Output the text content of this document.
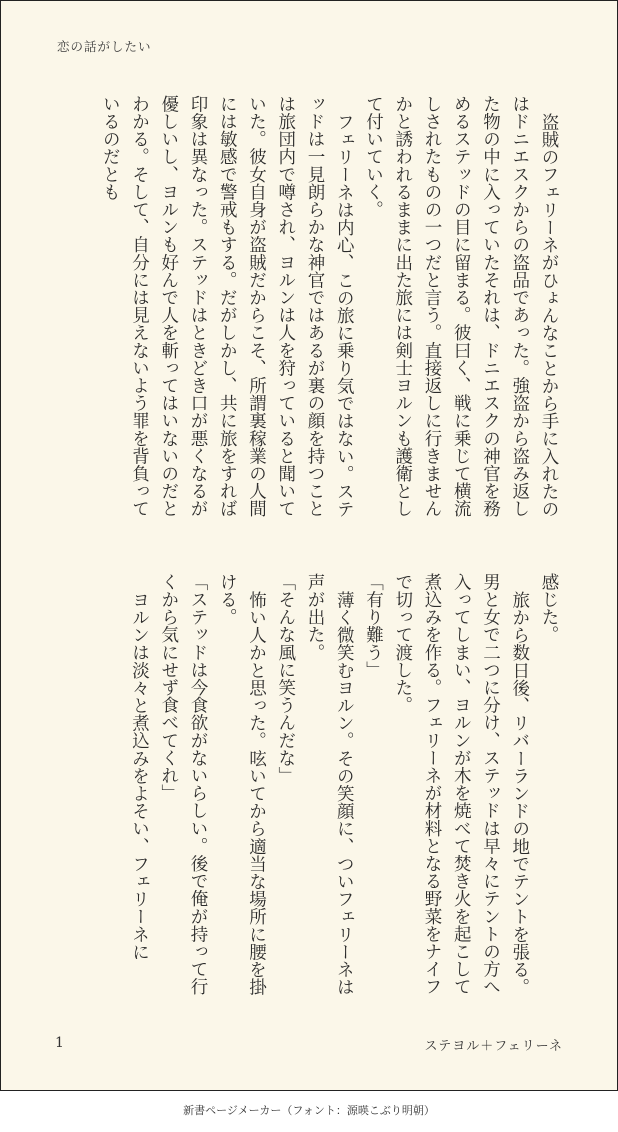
恋の話がしたい

盗賊のフェリーネがひょんなことから手に入れたのはドニエスクからの盗品であった。強盗から盗み返した物の中に入っていたそれは、ドニエスクの神官を務めるステッドの目に留まる。彼曰く、戦に乗じて横流しされたものの一つだと言う。直接返しに行きませんかと誘われるままに出た旅には剣士ヨルンも護衛として付いていく。

フェリーネは内心、この旅に乗り気ではない。ステッドは一見朗らかな神官ではあるが裏の顔を持つことは旅団内で噂され、ヨルンは人を狩っていると聞いていた。彼女自身が盗賊だからこそ、所謂裏稼業の人間には敏感で警戒もする。だがしかし、共に旅をすれば印象は異なった。ステッドはときどき口が悪くなるが優しいし、ヨルンも好んで人を斬ってはいないのだとわかる。そして、自分には見えないよう罪を背負っているのだとも

感じた。

旅から数日後、リバーランドの地でテントを張る。男と女で二つに分け、ステッドは早々にテントの方へ入ってしまい、ヨルンが木を焼べて焚き火を起こして煮込みを作る。フェリーネが材料となる野菜をナイフで切って渡した。

「有り難う」

薄く微笑むヨルン。その笑顔に、ついフェリーネは声が出た。

「そんな風に笑うんだな」

怖い人かと思った。呟いてから適当な場所に腰を掛ける。

「ステッドは今食欲がないらしい。後で俺が持って行くから気にせず食べてくれ」

ヨルンは淡々と煮込みをよそい、フェリーネに

1	ステヨル＋フェリーネ
新書ページメーカー（フォント：源暎こぶり明朝）
